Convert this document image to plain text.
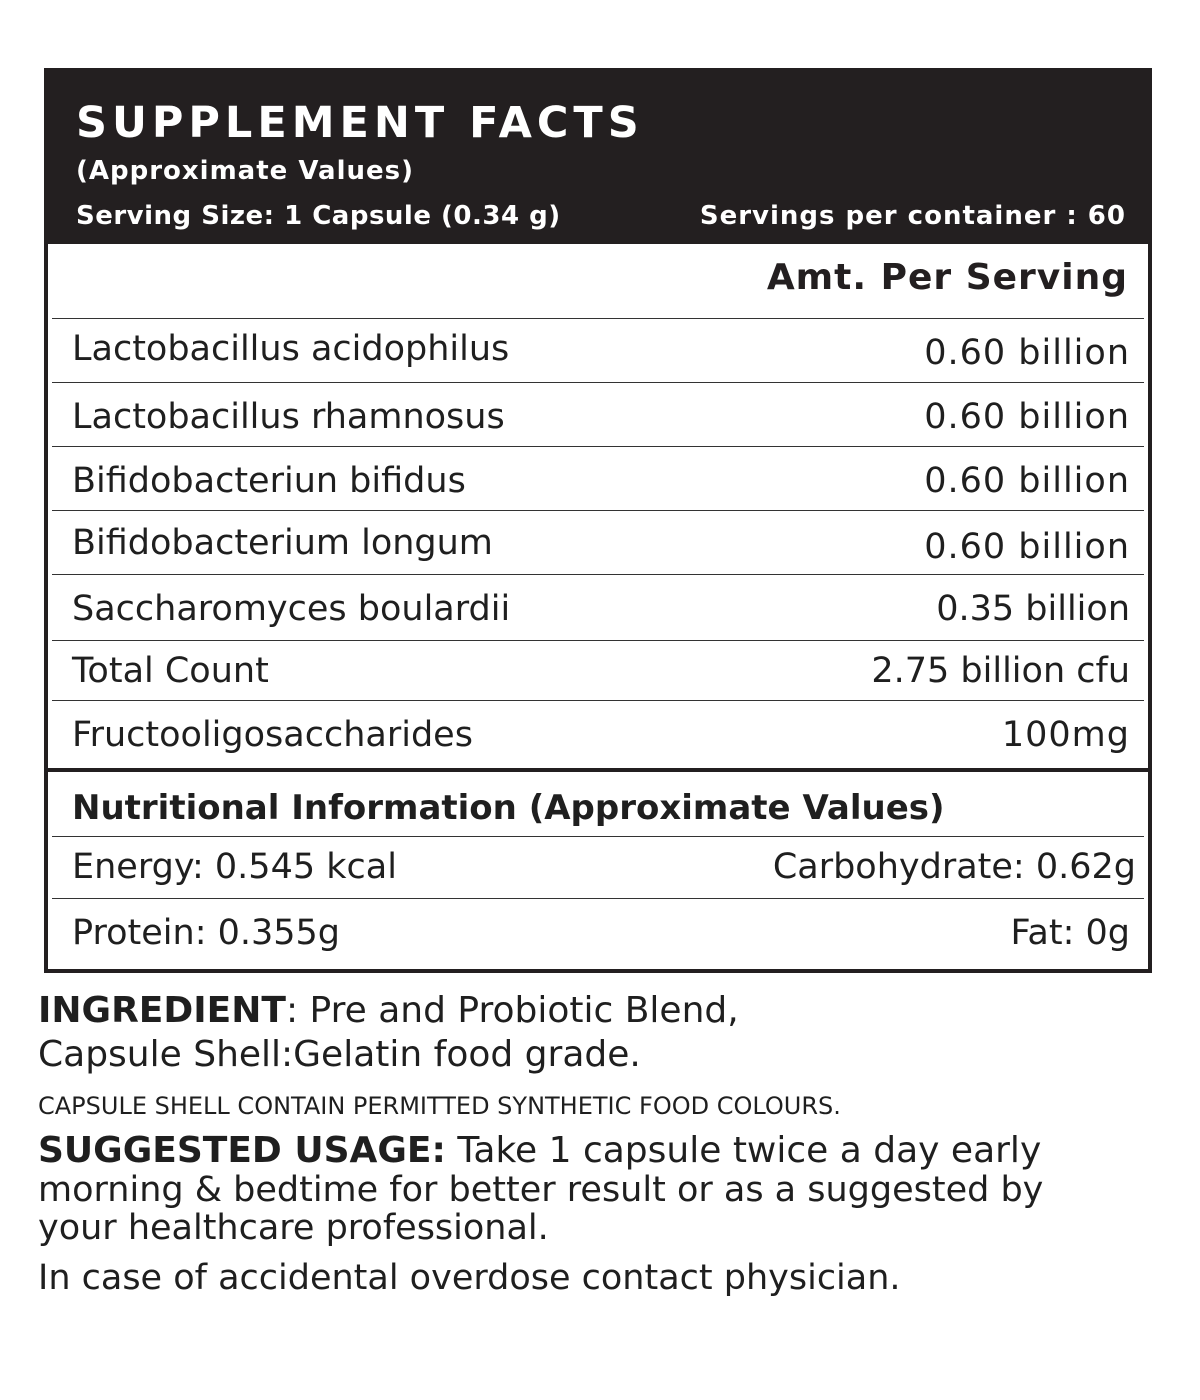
SUPPLEMENT FACTS
(Approximate Values)
Serving Size: 1 Capsule (0.34 g)	Servings per container : 60
Amt. Per Serving
Lactobacillus acidophilus	0.60 billion
Lactobacillus rhamnosus	0.60 billion
Bifidobacteriun bifidus	0.60 billion
Bifidobacterium longum	0.60 billion
Saccharomyces boulardii	0.35 billion
Total Count	2.75 billion cfu
Fructooligosaccharides	100mg
Nutritional Information (Approximate Values)
Energy: 0.545 kcal	Carbohydrate: 0.62g
Protein: 0.355g	Fat: 0g
INGREDIENT: Pre and Probiotic Blend,
Capsule Shell:Gelatin food grade.
CAPSULE SHELL CONTAIN PERMITTED SYNTHETIC FOOD COLOURS.
SUGGESTED USAGE: Take 1 capsule twice a day early
morning & bedtime for better result or as a suggested by
your healthcare professional.
In case of accidental overdose contact physician.
